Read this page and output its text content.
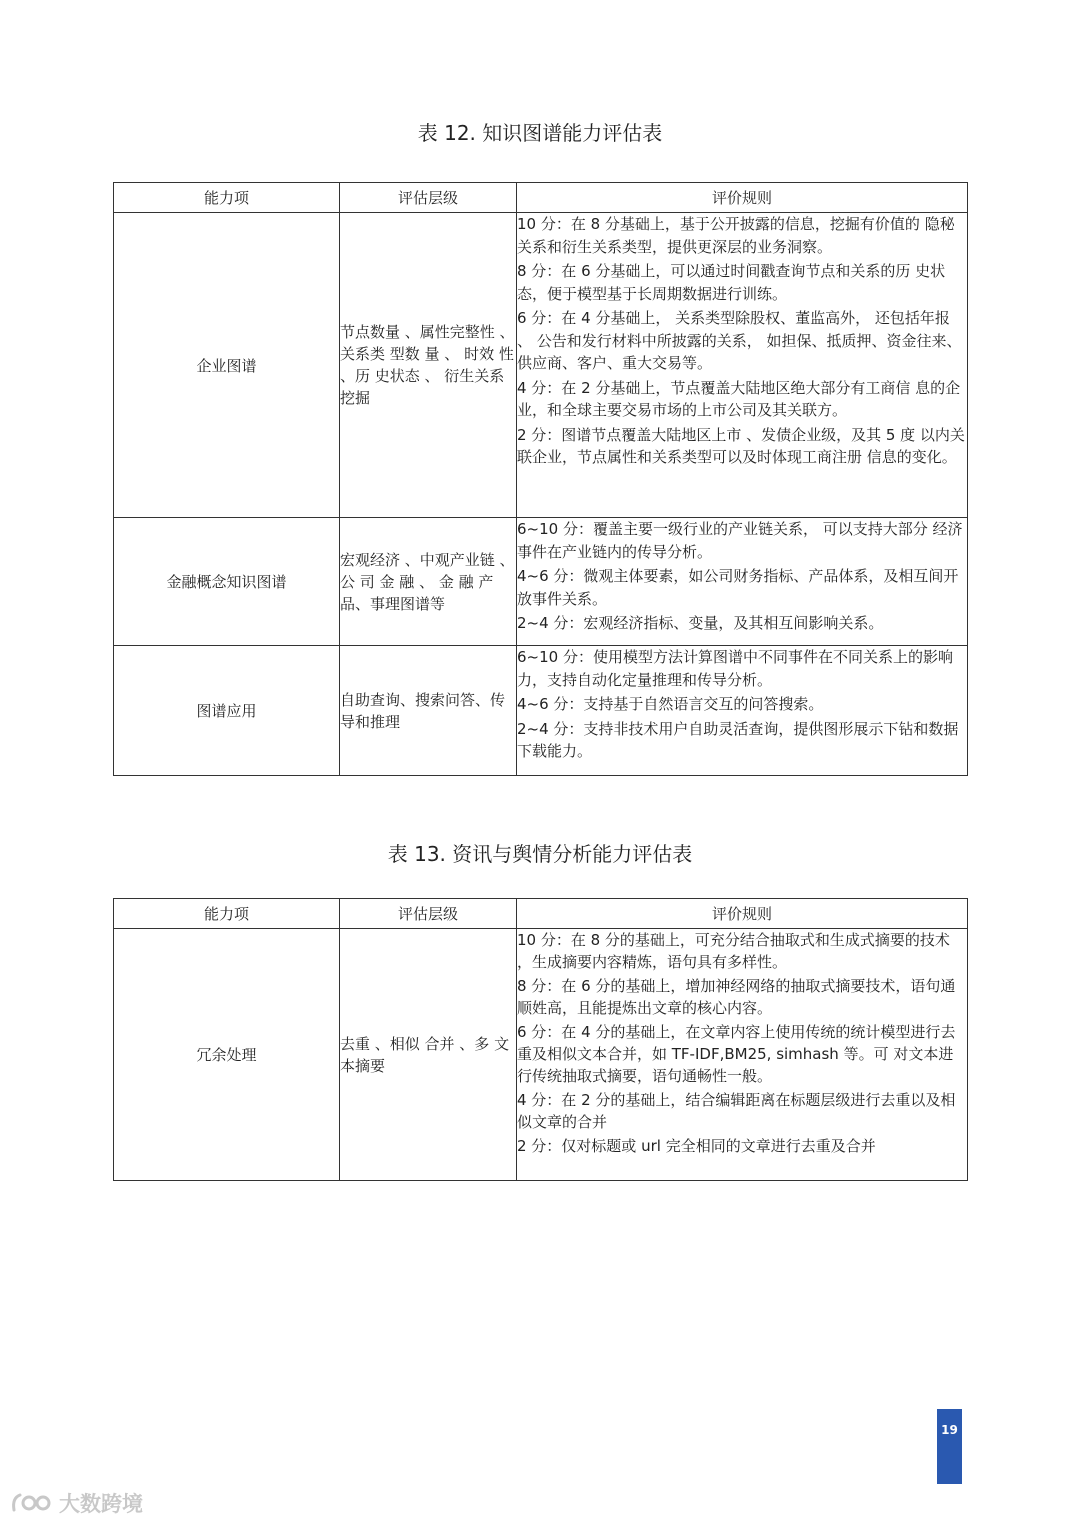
表 12. 知识图谱能力评估表
能力项	评估层级	评价规则
企业图谱	节点数量 、属性完整性 、关系类 型数 量 、 时效 性 、历 史状态 、 衍生关系挖掘	10 分：在 8 分基础上，基于公开披露的信息，挖掘有价值的 隐秘关系和衍生关系类型，提供更深层的业务洞察。
8 分：在 6 分基础上，可以通过时间戳查询节点和关系的历 史状态，便于模型基于长周期数据进行训练。
6 分：在 4 分基础上， 关系类型除股权、董监高外， 还包括年报 、 公告和发行材料中所披露的关系， 如担保、抵质押、资金往来、供应商、客户、重大交易等。
4 分：在 2 分基础上，节点覆盖大陆地区绝大部分有工商信 息的企业，和全球主要交易市场的上市公司及其关联方。
2 分：图谱节点覆盖大陆地区上市 、发债企业级，及其 5 度 以内关联企业，节点属性和关系类型可以及时体现工商注册 信息的变化。

金融概念知识图谱	宏观经济 、中观产业链 、 公 司 金 融 、 金 融 产品、事理图谱等	6~10 分：覆盖主要一级行业的产业链关系， 可以支持大部分 经济事件在产业链内的传导分析。
4~6 分：微观主体要素，如公司财务指标、产品体系，及相互间开放事件关系。
2~4 分：宏观经济指标、变量，及其相互间影响关系。

图谱应用	自助查询、搜索问答、传导和推理	6~10 分：使用模型方法计算图谱中不同事件在不同关系上的影响力，支持自动化定量推理和传导分析。
4~6 分：支持基于自然语言交互的问答搜索。
2~4 分：支持非技术用户自助灵活查询，提供图形展示下钻和数据下载能力。
表 13. 资讯与舆情分析能力评估表
能力项	评估层级	评价规则
冗余处理	去重 、相似 合并 、多 文本摘要	10 分：在 8 分的基础上，可充分结合抽取式和生成式摘要的技术 ，生成摘要内容精炼，语句具有多样性。
8 分：在 6 分的基础上，增加神经网络的抽取式摘要技术，语句通顺姓高，且能提炼出文章的核心内容。
6 分：在 4 分的基础上，在文章内容上使用传统的统计模型进行去重及相似文本合并，如 TF-IDF,BM25, simhash 等。可 对文本进行传统抽取式摘要，语句通畅性一般。
4 分：在 2 分的基础上，结合编辑距离在标题层级进行去重以及相似文章的合并
2 分：仅对标题或 url 完全相同的文章进行去重及合并
19
大数跨境
